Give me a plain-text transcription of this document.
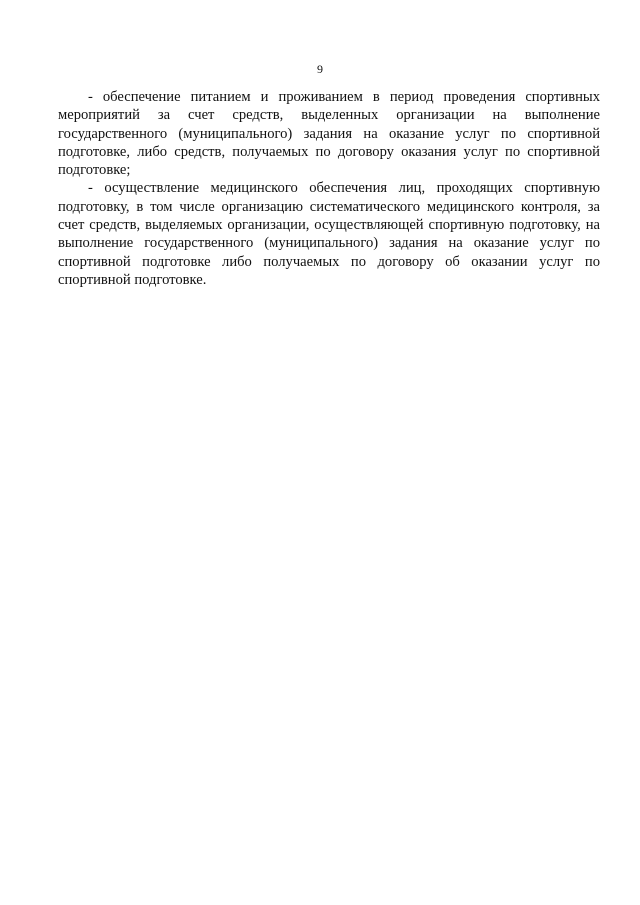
9

- обеспечение питанием и проживанием в период проведения спортивных мероприятий за счет средств, выделенных организации на выполнение государственного (муниципального) задания на оказание услуг по спортивной подготовке, либо средств, получаемых по договору оказания услуг по спортивной подготовке;

- осуществление медицинского обеспечения лиц, проходящих спортивную подготовку, в том числе организацию систематического медицинского контроля, за счет средств, выделяемых организации, осуществляющей спортивную подготовку, на выполнение государственного (муниципального) задания на оказание услуг по спортивной подготовке либо получаемых по договору об оказании услуг по спортивной подготовке.
